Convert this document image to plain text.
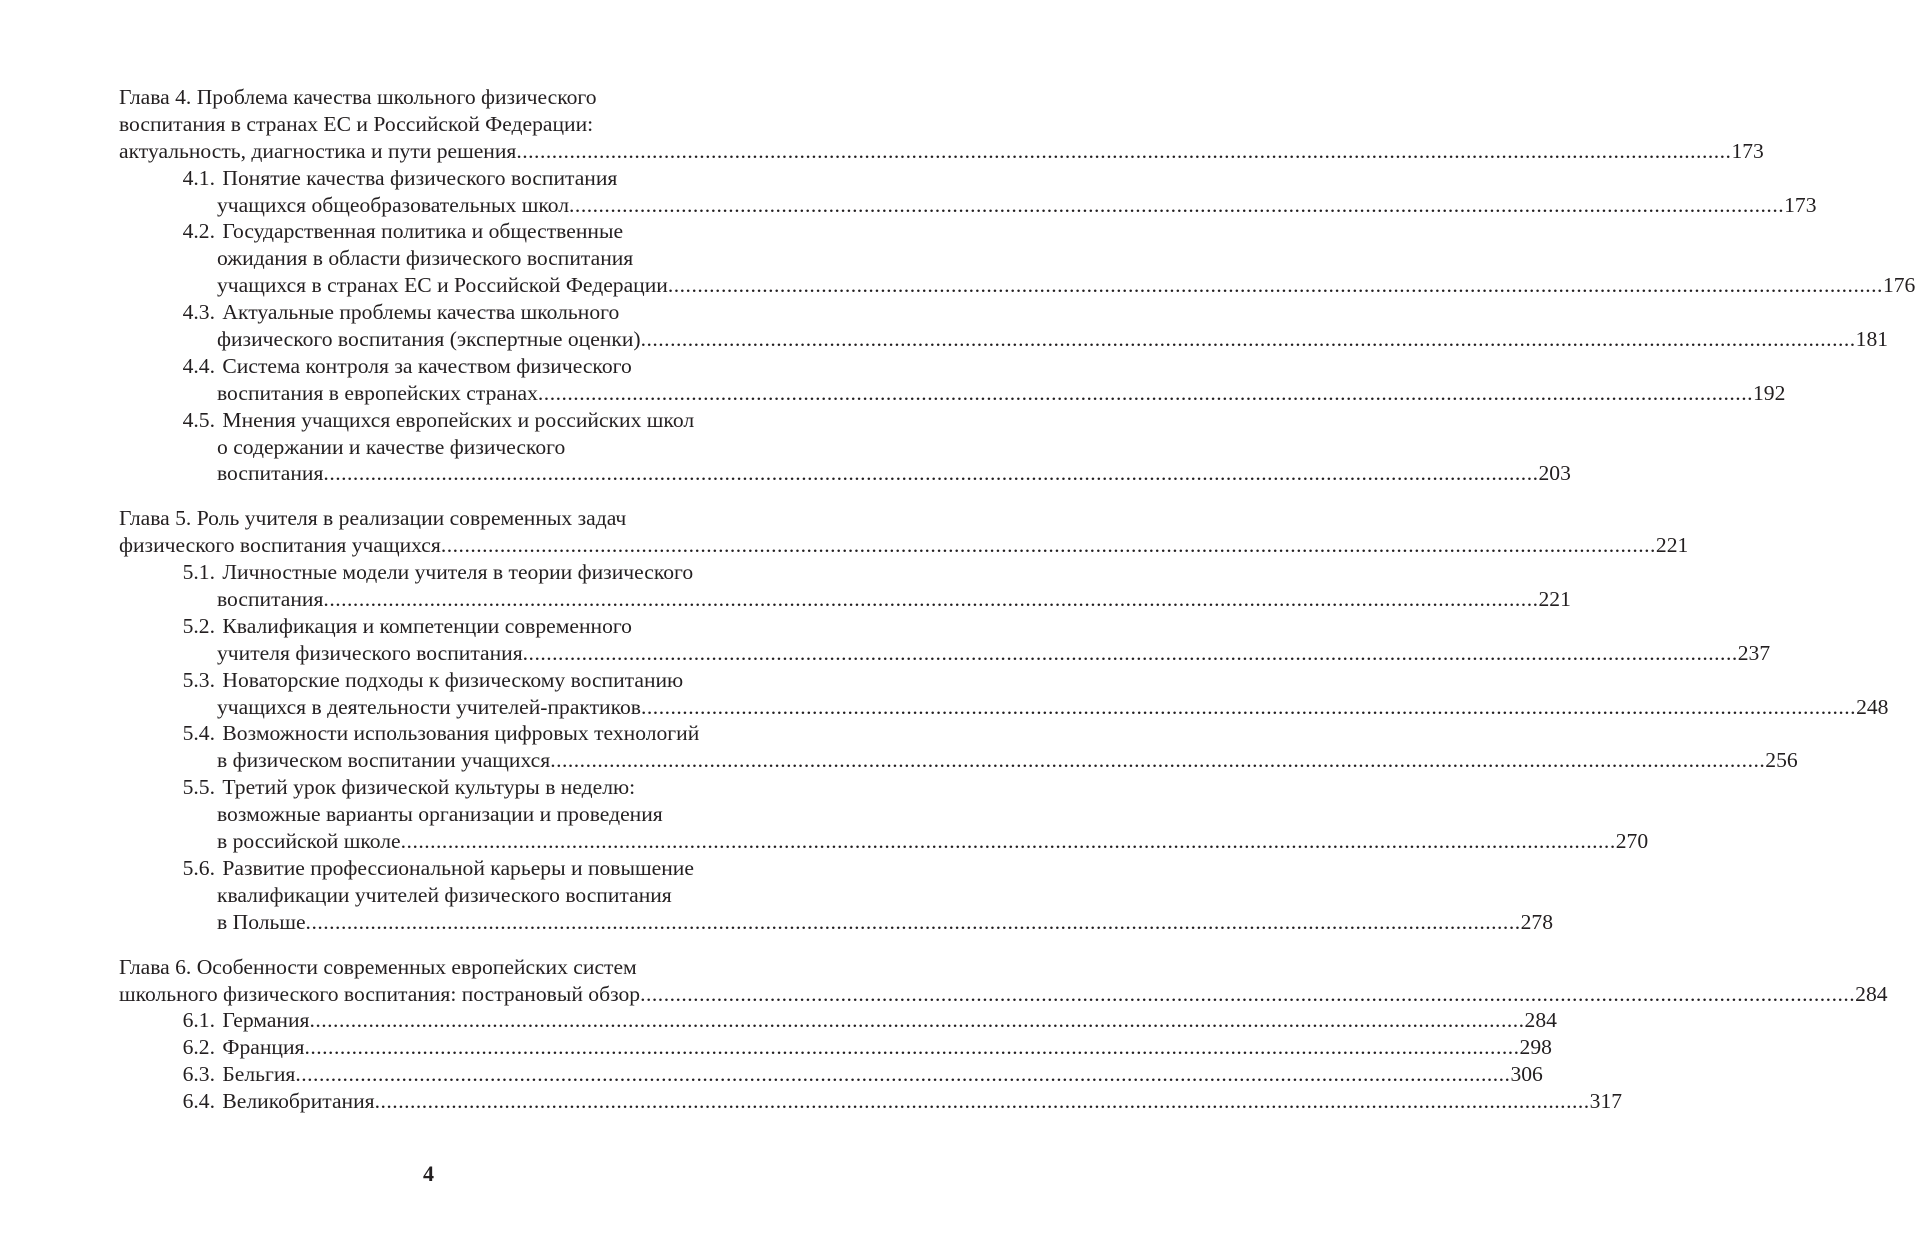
Глава 4. Проблема качества школьного физического
воспитания в странах ЕС и Российской Федерации:
актуальность, диагностика и пути решения .............................................................................................................................................................................................................. 173
4.1. Понятие качества физического воспитания
учащихся общеобразовательных школ .............................................................................................................................................................................................................. 173
4.2. Государственная политика и общественные
ожидания в области физического воспитания
учащихся в странах ЕС и Российской Федерации .............................................................................................................................................................................................................. 176
4.3. Актуальные проблемы качества школьного
физического воспитания (экспертные оценки) .............................................................................................................................................................................................................. 181
4.4. Система контроля за качеством физического
воспитания в европейских странах .............................................................................................................................................................................................................. 192
4.5. Мнения учащихся европейских и российских школ
о содержании и качестве физического
воспитания .............................................................................................................................................................................................................. 203
Глава 5. Роль учителя в реализации современных задач
физического воспитания учащихся .............................................................................................................................................................................................................. 221
5.1. Личностные модели учителя в теории физического
воспитания .............................................................................................................................................................................................................. 221
5.2. Квалификация и компетенции современного
учителя физического воспитания .............................................................................................................................................................................................................. 237
5.3. Новаторские подходы к физическому воспитанию
учащихся в деятельности учителей-практиков .............................................................................................................................................................................................................. 248
5.4. Возможности использования цифровых технологий
в физическом воспитании учащихся .............................................................................................................................................................................................................. 256
5.5. Третий урок физической культуры в неделю:
возможные варианты организации и проведения
в российской школе .............................................................................................................................................................................................................. 270
5.6. Развитие профессиональной карьеры и повышение
квалификации учителей физического воспитания
в Польше .............................................................................................................................................................................................................. 278
Глава 6. Особенности современных европейских систем
школьного физического воспитания: пострановый обзор .............................................................................................................................................................................................................. 284
6.1. Германия .............................................................................................................................................................................................................. 284
6.2. Франция .............................................................................................................................................................................................................. 298
6.3. Бельгия .............................................................................................................................................................................................................. 306
6.4. Великобритания .............................................................................................................................................................................................................. 317
4
